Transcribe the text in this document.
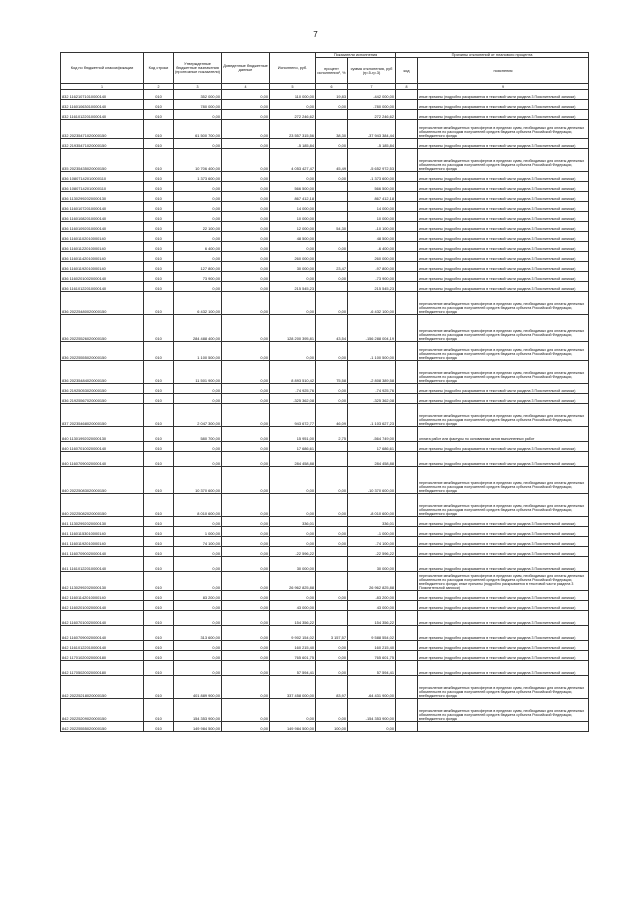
7
Код по бюджетной классификации	Код строки	Утвержденные бюджетные назначения (прогнозные показатели)	Доведенные бюджетные данные	Исполнено, руб.	Показатели исполнения		Причины отклонений от планового процента	
					процент исполнения¹, %	сумма отклонения, руб (гр.5-гр.3)	код	пояснения
1	2	3	4	5	6	7	8	9
832 11621071010000140	010	352 000,00	0,00	110 000,00	19,83	-442 000,00		иные причины (подробно раскрывается в текстовой части раздела 3 Пояснительной записки)
832 11601063010000140	010	780 000,00	0,00	0,00	0,00	-780 000,00		иные причины (подробно раскрывается в текстовой части раздела 3 Пояснительной записки)
832 11610122010000140	010	0,00	0,00	272 246,62		272 246,62		иные причины (подробно раскрывается в текстовой части раздела 3 Пояснительной записки)
832 20235471020000150	010	61 500 700,00	0,00	23 557 315,56	38,30	-37 943 384,44		перечисление межбюджетных трансфертов в пределах сумм, необходимых для оплаты денежных обязательств по расходам получателей средств бюджета субъекта Российской Федерации, внебюджетного фонда
832 21935471020000150	010	0,00	0,00	-5 185,84	0,00	-5 185,84		иные причины (подробно раскрывается в текстовой части раздела 3 Пояснительной записки)
835 20235435020000150	010	10 706 400,00	0,00	4 053 427,47	45,49	-5 652 972,53		перечисление межбюджетных трансфертов в пределах сумм, необходимых для оплаты денежных обязательств по расходам получателей средств бюджета субъекта Российской Федерации, внебюджетного фонда
836 10807142010000110	010	1 373 600,00	0,00	0,00	0,00	-1 373 600,00		иные причины (подробно раскрывается в текстовой части раздела 3 Пояснительной записки)
836 10807142010000110	010	0,00	0,00	566 500,00		566 500,00		иные причины (подробно раскрывается в текстовой части раздела 3 Пояснительной записки)
836 11302992020000130	010	0,00	0,00	867 412,18		867 412,18		иные причины (подробно раскрывается в текстовой части раздела 3 Пояснительной записки)
836 11601072010000140	010	0,00	0,00	14 000,00		14 000,00		иные причины (подробно раскрывается в текстовой части раздела 3 Пояснительной записки)
836 11601082010000140	010	0,00	0,00	10 000,00		10 000,00		иные причины (подробно раскрывается в текстовой части раздела 3 Пояснительной записки)
836 11601092010000140	010	22 100,00	0,00	12 000,00	54,30	-10 100,00		иные причины (подробно раскрывается в текстовой части раздела 3 Пояснительной записки)
836 11601102010000140	010	0,00	0,00	48 500,00		48 500,00		иные причины (подробно раскрывается в текстовой части раздела 3 Пояснительной записки)
836 11601122010000140	010	6 400,00	0,00	0,00	0,00	-6 400,00		иные причины (подробно раскрывается в текстовой части раздела 3 Пояснительной записки)
836 11601142010000140	010	0,00	0,00	260 000,00		260 000,00		иные причины (подробно раскрывается в текстовой части раздела 3 Пояснительной записки)
836 11601192010000140	010	127 800,00	0,00	30 000,00	23,47	-97 800,00		иные причины (подробно раскрывается в текстовой части раздела 3 Пояснительной записки)
836 11602010020000140	010	73 900,00	0,00	0,00	0,00	-73 900,00		иные причины (подробно раскрывается в текстовой части раздела 3 Пояснительной записки)
836 11610122010000140	010	0,00	0,00	215 545,23		215 545,23		иные причины (подробно раскрывается в текстовой части раздела 3 Пояснительной записки)
836 20225480020000150	010	6 432 100,00	0,00	0,00	0,00	-6 432 100,00		перечисление межбюджетных трансфертов в пределах сумм, необходимых для оплаты денежных обязательств по расходам получателей средств бюджета субъекта Российской Федерации, внебюджетного фонда
836 20225526020000150	010	284 488 400,00	0,00	128 200 395,81	43,54	-156 288 004,19		перечисление межбюджетных трансфертов в пределах сумм, необходимых для оплаты денежных обязательств по расходам получателей средств бюджета субъекта Российской Федерации, внебюджетного фонда
836 20225555020000150	010	1 100 500,00	0,00	0,00	0,00	-1 100 500,00		перечисление межбюджетных трансфертов в пределах сумм, необходимых для оплаты денежных обязательств по расходам получателей средств бюджета субъекта Российской Федерации, внебюджетного фонда
836 20235484020000150	010	11 501 900,00	0,00	8 893 510,42	75,58	-2 808 389,58		перечисление межбюджетных трансфертов в пределах сумм, необходимых для оплаты денежных обязательств по расходам получателей средств бюджета субъекта Российской Федерации, внебюджетного фонда
836 21925053020000150	010	0,00	0,00	-74 925,76	0,00	-74 925,76		иные причины (подробно раскрывается в текстовой части раздела 3 Пояснительной записки)
836 21925567020000150	010	0,00	0,00	-325 362,08	0,00	-325 362,08		иные причины (подробно раскрывается в текстовой части раздела 3 Пояснительной записки)
837 20235468020000150	010	2 047 300,00	0,00	943 672,77	46,09	-1 103 627,23		перечисление межбюджетных трансфертов в пределах сумм, необходимых для оплаты денежных обязательств по расходам получателей средств бюджета субъекта Российской Федерации, внебюджетного фонда
840 11301992020000130	010	580 700,00	0,00	15 951,00	2,75	-564 749,00		оплата работ или фактуры по основаниям актов выполненных работ
840 11607010020000140	010	0,00	0,00	17 686,61		17 686,61		иные причины (подробно раскрывается в текстовой части раздела 3 Пояснительной записки)
840 11607090020000140	010	0,00	0,00	284 458,88		284 458,88		иные причины (подробно раскрывается в текстовой части раздела 3 Пояснительной записки)
840 20225083020000150	010	10 370 600,00	0,00	0,00	0,00	-10 370 600,00		перечисление межбюджетных трансфертов в пределах сумм, необходимых для оплаты денежных обязательств по расходам получателей средств бюджета субъекта Российской Федерации, внебюджетного фонда
840 20225082020000150	010	8 010 600,00	0,00	0,00	0,00	-8 010 600,00		перечисление межбюджетных трансфертов в пределах сумм, необходимых для оплаты денежных обязательств по расходам получателей средств бюджета субъекта Российской Федерации, внебюджетного фонда
841 11302992020000130	010	0,00	0,00	336,01		336,01		иные причины (подробно раскрывается в текстовой части раздела 3 Пояснительной записки)
841 11601153010000140	010	1 000,00	0,00	0,00	0,00	-1 000,00		иные причины (подробно раскрывается в текстовой части раздела 3 Пояснительной записки)
841 11601192010000140	010	74 100,00	0,00	0,00	0,00	-74 100,00		иные причины (подробно раскрывается в текстовой части раздела 3 Пояснительной записки)
841 11607090020000140	010	0,00	0,00	-22 596,22		-22 596,22		иные причины (подробно раскрывается в текстовой части раздела 3 Пояснительной записки)
841 11610122010000140	010	0,00	0,00	30 000,00		30 000,00		иные причины (подробно раскрывается в текстовой части раздела 3 Пояснительной записки)
842 11302992020000130	010	0,00	0,00	26 962 825,88		26 962 825,88		перечисление межбюджетных трансфертов в пределах сумм, необходимых для оплаты денежных обязательств по расходам получателей средств бюджета субъекта Российской Федерации, внебюджетного фонда; иные причины (подробно раскрывается в текстовой части раздела 3 Пояснительной записки)
842 11601142010000140	010	83 200,00	0,00	0,00	0,00	-83 200,00		иные причины (подробно раскрывается в текстовой части раздела 3 Пояснительной записки)
842 11602010020000140	010	0,00	0,00	43 000,00		43 000,00		иные причины (подробно раскрывается в текстовой части раздела 3 Пояснительной записки)
842 11607010020000140	010	0,00	0,00	154 356,22		154 356,22		иные причины (подробно раскрывается в текстовой части раздела 3 Пояснительной записки)
842 11607090020000140	010	313 600,00	0,00	9 902 154,02	3 157,57	9 588 554,02		иные причины (подробно раскрывается в текстовой части раздела 3 Пояснительной записки)
842 11610122010000140	010	0,00	0,00	160 215,40	0,00	160 215,40		иные причины (подробно раскрывается в текстовой части раздела 3 Пояснительной записки)
842 11701020020000180	010	0,00	0,00	765 601,75	0,00	765 601,75		иные причины (подробно раскрывается в текстовой части раздела 3 Пояснительной записки)
842 11705020020000180	010	0,00	0,00	57 594,41	0,00	57 594,41		иные причины (подробно раскрывается в текстовой части раздела 3 Пояснительной записки)
842 20225218020000150	010	401 889 900,00	0,00	337 458 000,00	83,97	-64 431 900,00		перечисление межбюджетных трансфертов в пределах сумм, необходимых для оплаты денежных обязательств по расходам получателей средств бюджета субъекта Российской Федерации, внебюджетного фонда
842 20225209020000150	010	154 353 900,00	0,00	0,00	0,00	-154 353 900,00		перечисление межбюджетных трансфертов в пределах сумм, необходимых для оплаты денежных обязательств по расходам получателей средств бюджета субъекта Российской Федерации, внебюджетного фонда
842 20225555020000150	010	149 984 500,00	0,00	149 984 500,00	100,00	0,00		
